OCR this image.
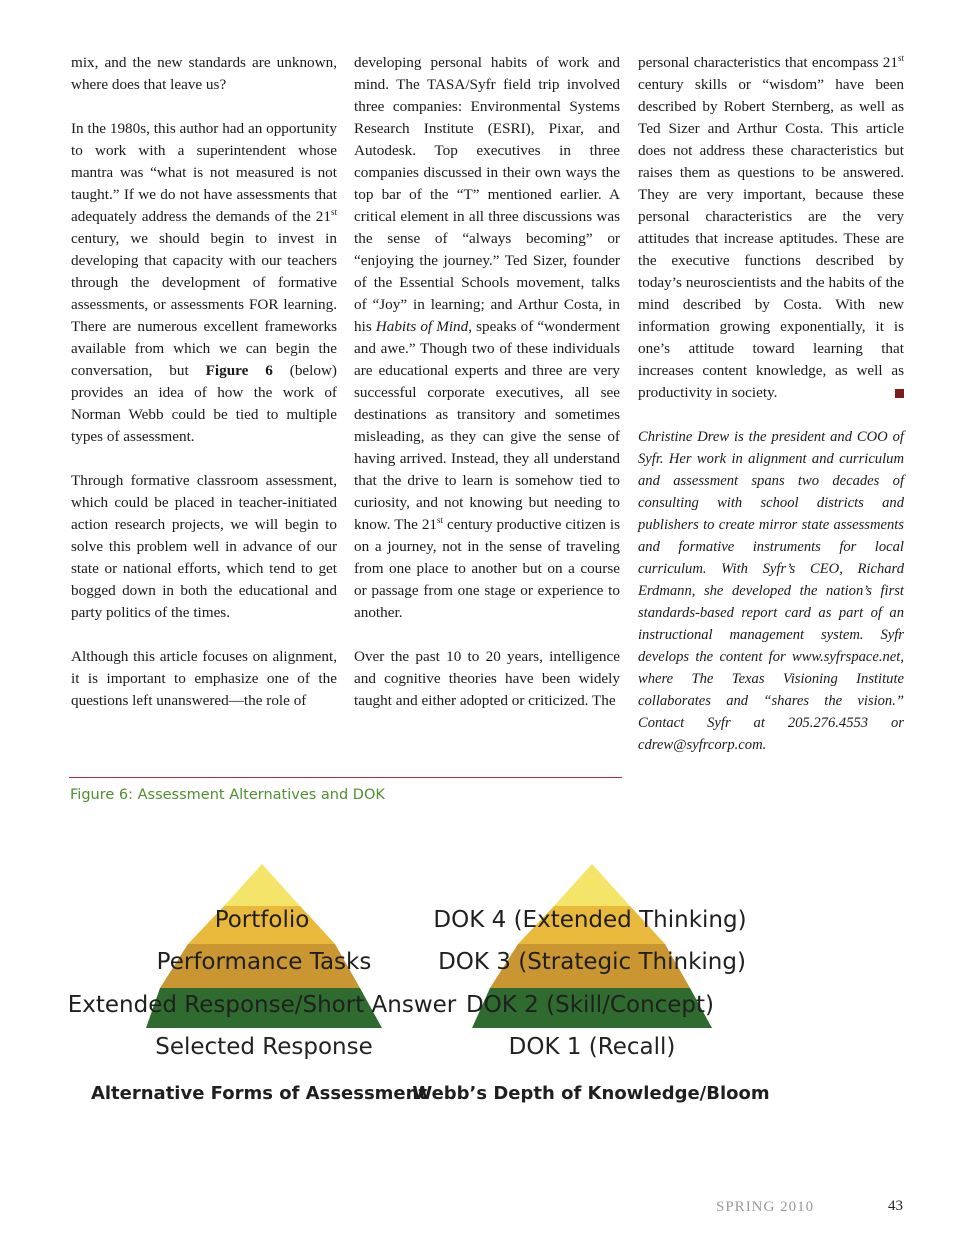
mix, and the new standards are unknown, where does that leave us?

In the 1980s, this author had an opportunity to work with a superintendent whose mantra was “what is not measured is not taught.” If we do not have assessments that adequately address the demands of the 21st century, we should begin to invest in developing that capacity with our teachers through the development of formative assessments, or assessments FOR learning. There are numerous excellent frameworks available from which we can begin the conversation, but Figure 6 (below) provides an idea of how the work of Norman Webb could be tied to multiple types of assessment.

Through formative classroom assessment, which could be placed in teacher-initiated action research projects, we will begin to solve this problem well in advance of our state or national efforts, which tend to get bogged down in both the educational and party politics of the times.

Although this article focuses on alignment, it is important to emphasize one of the questions left unanswered—the role of

developing personal habits of work and mind. The TASA/Syfr field trip involved three companies: Environmental Systems Research Institute (ESRI), Pixar, and Autodesk. Top executives in three companies discussed in their own ways the top bar of the “T” mentioned earlier. A critical element in all three discussions was the sense of “always becoming” or “enjoying the journey.” Ted Sizer, founder of the Essential Schools movement, talks of “Joy” in learning; and Arthur Costa, in his Habits of Mind, speaks of “wonderment and awe.” Though two of these individuals are educational experts and three are very successful corporate executives, all see destinations as transitory and sometimes misleading, as they can give the sense of having arrived. Instead, they all understand that the drive to learn is somehow tied to curiosity, and not knowing but needing to know. The 21st century productive citizen is on a journey, not in the sense of traveling from one place to another but on a course or passage from one stage or experience to another.

Over the past 10 to 20 years, intelligence and cognitive theories have been widely taught and either adopted or criticized. The

personal characteristics that encompass 21st century skills or “wisdom” have been described by Robert Sternberg, as well as Ted Sizer and Arthur Costa. This article does not address these characteristics but raises them as questions to be answered. They are very important, because these personal characteristics are the very attitudes that increase aptitudes. These are the executive functions described by today’s neuroscientists and the habits of the mind described by Costa. With new information growing exponentially, it is one’s attitude toward learning that increases content knowledge, as well as productivity in society.

Christine Drew is the president and COO of Syfr. Her work in alignment and curriculum and assessment spans two decades of consulting with school districts and publishers to create mirror state assessments and formative instruments for local curriculum. With Syfr’s CEO, Richard Erdmann, she developed the nation’s first standards-based report card as part of an instructional management system. Syfr develops the content for www.syfrspace.net, where The Texas Visioning Institute collaborates and “shares the vision.” Contact Syfr at 205.276.4553 or cdrew@syfrcorp.com.

Figure 6: Assessment Alternatives and DOK
Portfolio
Performance Tasks
Extended Response/Short Answer
Selected Response
Alternative Forms of Assessment
DOK 4 (Extended Thinking)
DOK 3 (Strategic Thinking)
DOK 2 (Skill/Concept)
DOK 1 (Recall)
Webb’s Depth of Knowledge/Bloom
SPRING 2010	43
